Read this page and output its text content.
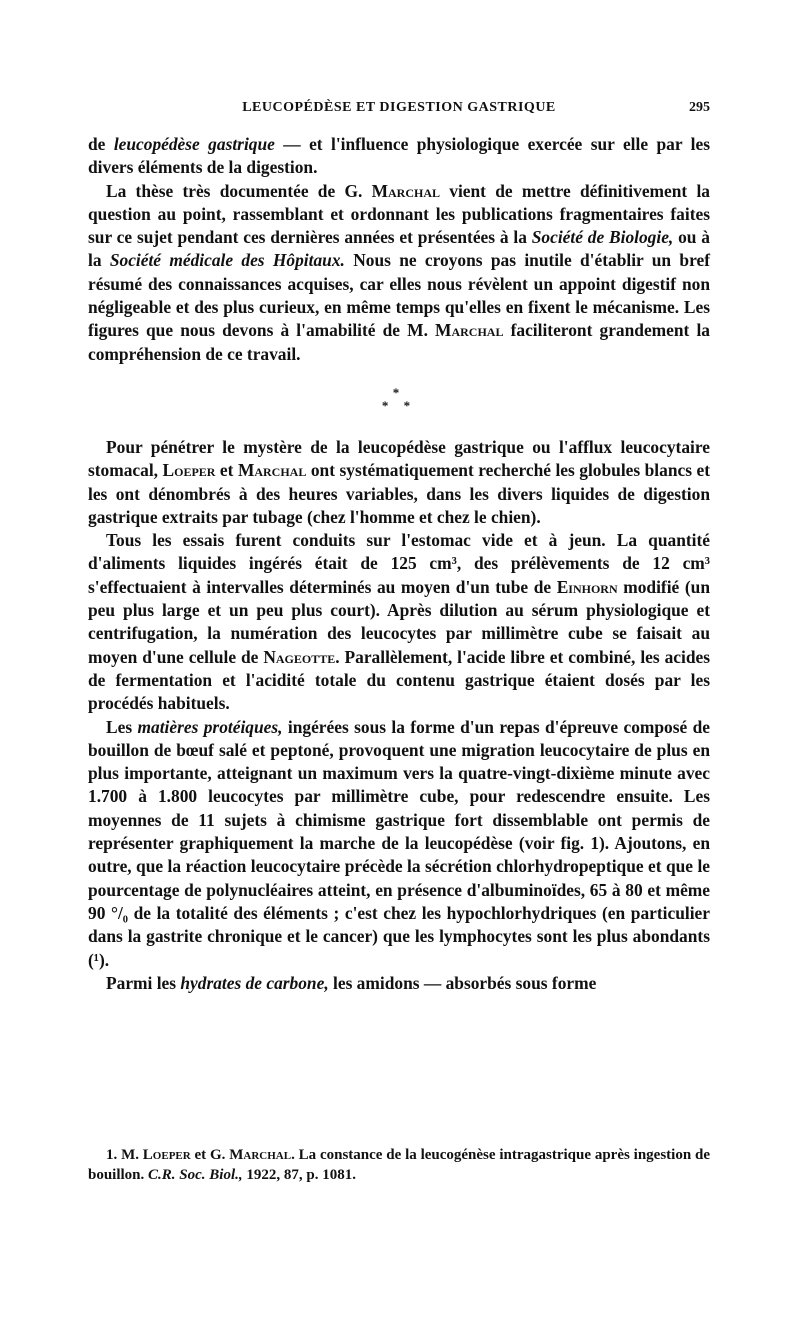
LEUCOPÉDÈSE ET DIGESTION GASTRIQUE	295

de leucopédèse gastrique — et l'influence physiologique exercée sur elle par les divers éléments de la digestion.

La thèse très documentée de G. Marchal vient de mettre définitivement la question au point, rassemblant et ordonnant les publications fragmentaires faites sur ce sujet pendant ces dernières années et présentées à la Société de Biologie, ou à la Société médicale des Hôpitaux. Nous ne croyons pas inutile d'établir un bref résumé des connaissances acquises, car elles nous révèlent un appoint digestif non négligeable et des plus curieux, en même temps qu'elles en fixent le mécanisme. Les figures que nous devons à l'amabilité de M. Marchal faciliteront grandement la compréhension de ce travail.

*
* *

Pour pénétrer le mystère de la leucopédèse gastrique ou l'afflux leucocytaire stomacal, Loeper et Marchal ont systématiquement recherché les globules blancs et les ont dénombrés à des heures variables, dans les divers liquides de digestion gastrique extraits par tubage (chez l'homme et chez le chien).

Tous les essais furent conduits sur l'estomac vide et à jeun. La quantité d'aliments liquides ingérés était de 125 cm³, des prélèvements de 12 cm³ s'effectuaient à intervalles déterminés au moyen d'un tube de Einhorn modifié (un peu plus large et un peu plus court). Après dilution au sérum physiologique et centrifugation, la numération des leucocytes par millimètre cube se faisait au moyen d'une cellule de Nageotte. Parallèlement, l'acide libre et combiné, les acides de fermentation et l'acidité totale du contenu gastrique étaient dosés par les procédés habituels.

Les matières protéiques, ingérées sous la forme d'un repas d'épreuve composé de bouillon de bœuf salé et peptoné, provoquent une migration leucocytaire de plus en plus importante, atteignant un maximum vers la quatre-vingt-dixième minute avec 1.700 à 1.800 leucocytes par millimètre cube, pour redescendre ensuite. Les moyennes de 11 sujets à chimisme gastrique fort dissemblable ont permis de représenter graphiquement la marche de la leucopédèse (voir fig. 1). Ajoutons, en outre, que la réaction leucocytaire précède la sécrétion chlorhydropeptique et que le pourcentage de polynucléaires atteint, en présence d'albuminoïdes, 65 à 80 et même 90 °/₀ de la totalité des éléments ; c'est chez les hypochlorhydriques (en particulier dans la gastrite chronique et le cancer) que les lymphocytes sont les plus abondants (¹).

Parmi les hydrates de carbone, les amidons — absorbés sous forme

1. M. Loeper et G. Marchal. La constance de la leucogénèse intragastrique après ingestion de bouillon. C.R. Soc. Biol., 1922, 87, p. 1081.
